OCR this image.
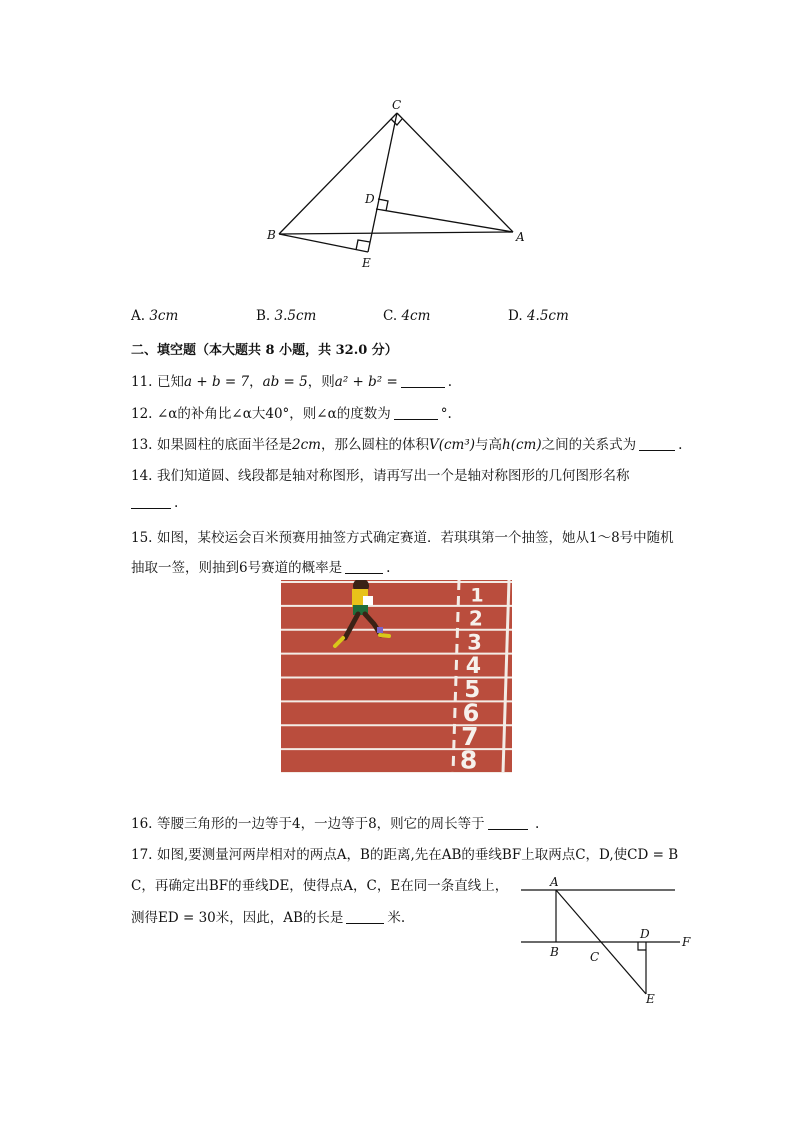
C
D
B
E
A
A. 3cm	B. 3.5cm	C. 4cm	D. 4.5cm
二、填空题（本大题共 8 小题，共 32.0 分）
11. 已知a + b = 7，ab = 5，则a² + b² =	.
12. ∠α的补角比∠α大40°，则∠α的度数为	°.
13. 如果圆柱的底面半径是2cm，那么圆柱的体积V(cm³)与高h(cm)之间的关系式为	.
14. 我们知道圆、线段都是轴对称图形，请再写出一个是轴对称图形的几何图形名称
.
15. 如图，某校运会百米预赛用抽签方式确定赛道．若琪琪第一个抽签，她从1～8号中随机
抽取一签，则抽到6号赛道的概率是	.
1
2
3
4
5
6
7
8
16. 等腰三角形的一边等于4，一边等于8，则它的周长等于	.
17. 如图,要测量河两岸相对的两点A，B的距离,先在AB的垂线BF上取两点C，D,使CD = B
C，再确定出BF的垂线DE，使得点A，C，E在同一条直线上，
测得ED = 30米，因此，AB的长是	米.
A
D
F
B	C
E
